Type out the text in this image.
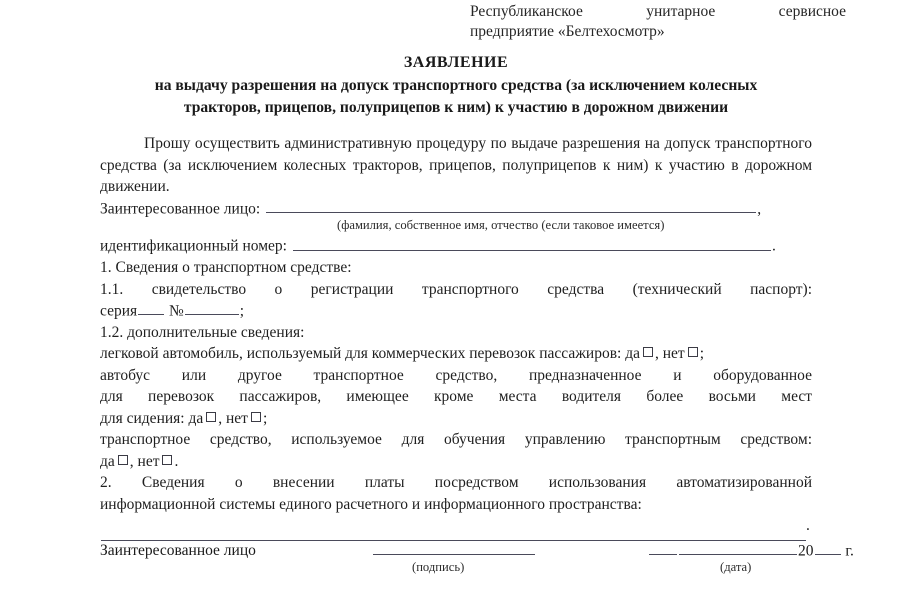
Республиканское унитарное сервисное
предприятие «Белтехосмотр»
ЗАЯВЛЕНИЕ
на выдачу разрешения на допуск транспортного средства (за исключением колесных
тракторов, прицепов, полуприцепов к ним) к участию в дорожном движении

Прошу осуществить административную процедуру по выдаче разрешения на допуск транспортного средства (за исключением колесных тракторов, прицепов, полуприцепов к ним) к участию в дорожном движении.

Заинтересованное лицо:	,
(фамилия, собственное имя, отчество (если таковое имеется)
идентификационный номер:	.
1. Сведения о транспортном средстве:
1.1. свидетельство о регистрации транспортного средства (технический паспорт):
серия №	;
1.2. дополнительные сведения:
легковой автомобиль, используемый для коммерческих перевозок пассажиров: да , нет ;
автобус или другое транспортное средство, предназначенное и оборудованное
для перевозок пассажиров, имеющее кроме места водителя более восьми мест
для сидения: да , нет ;
транспортное средство, используемое для обучения управлению транспортным средством:
да , нет .
2. Сведения о внесении платы посредством использования автоматизированной
информационной системы единого расчетного и информационного пространства:
.
Заинтересованное лицо	20 г.
(подпись)	(дата)
